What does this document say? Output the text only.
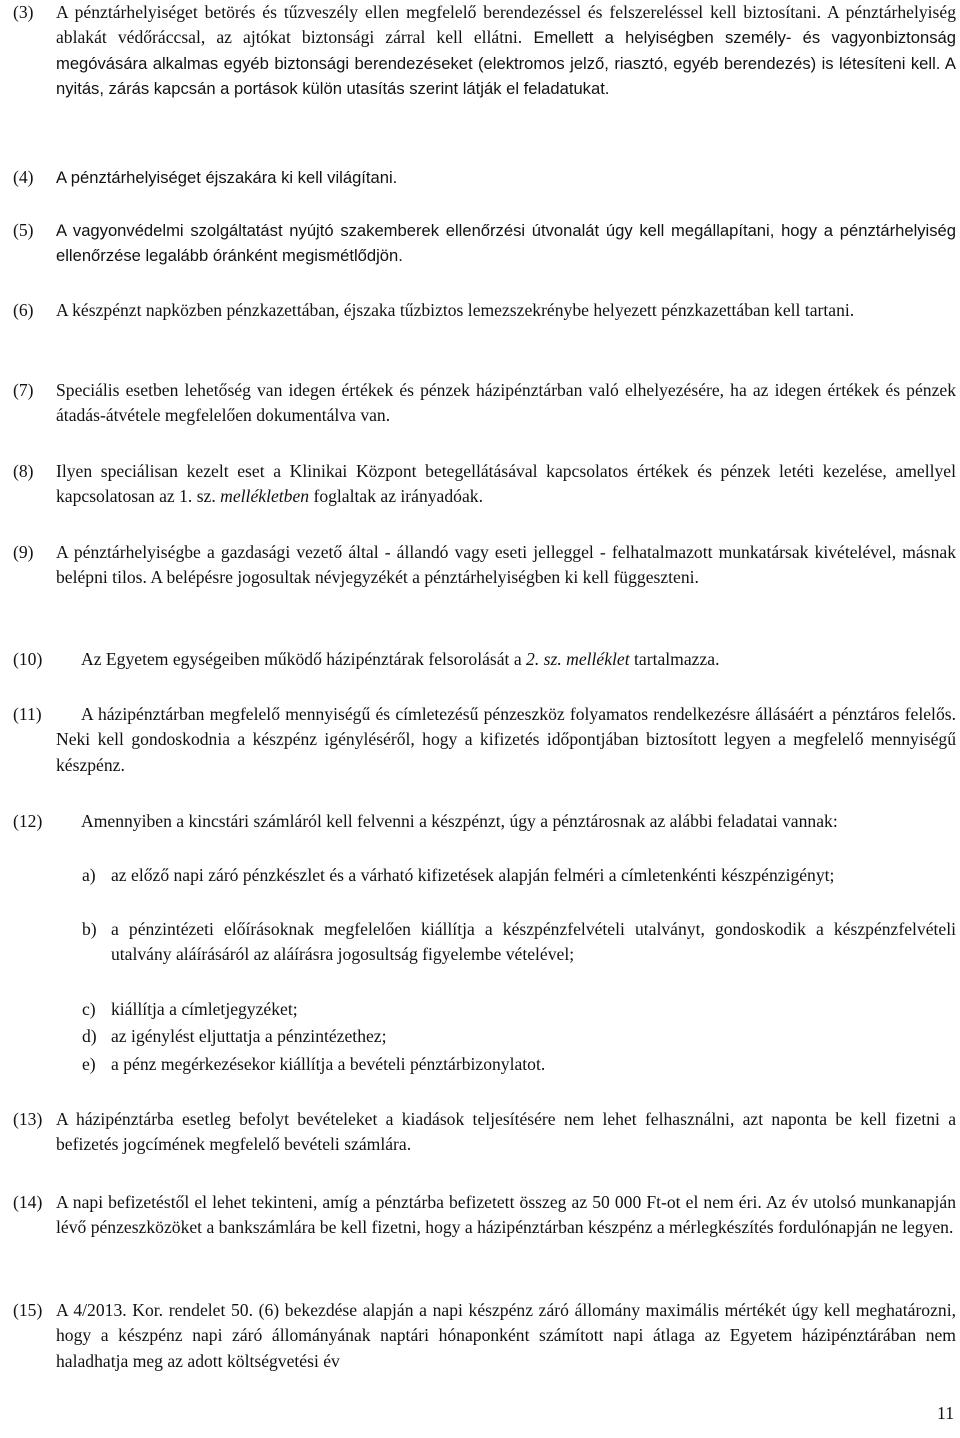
(3)	A pénztárhelyiséget betörés és tűzveszély ellen megfelelő berendezéssel és felszereléssel kell biztosítani. A pénztárhelyiség ablakát védőráccsal, az ajtókat biztonsági zárral kell ellátni. Emellett a helyiségben személy- és vagyonbiztonság megóvására alkalmas egyéb biztonsági berendezéseket (elektromos jelző, riasztó, egyéb berendezés) is létesíteni kell. A nyitás, zárás kapcsán a portások külön utasítás szerint látják el feladatukat.
(4)	A pénztárhelyiséget éjszakára ki kell világítani.
(5)	A vagyonvédelmi szolgáltatást nyújtó szakemberek ellenőrzési útvonalát úgy kell megállapítani, hogy a pénztárhelyiség ellenőrzése legalább óránként megismétlődjön.
(6)	A készpénzt napközben pénzkazettában, éjszaka tűzbiztos lemezszekrénybe helyezett pénzkazettában kell tartani.
(7)	Speciális esetben lehetőség van idegen értékek és pénzek házipénztárban való elhelyezésére, ha az idegen értékek és pénzek átadás-átvétele megfelelően dokumentálva van.
(8)	Ilyen speciálisan kezelt eset a Klinikai Központ betegellátásával kapcsolatos értékek és pénzek letéti kezelése, amellyel kapcsolatosan az 1. sz. mellékletben foglaltak az irányadóak.
(9)	A pénztárhelyiségbe a gazdasági vezető által - állandó vagy eseti jelleggel - felhatalmazott munkatársak kivételével, másnak belépni tilos. A belépésre jogosultak névjegyzékét a pénztárhelyiségben ki kell függeszteni.
(10)	Az Egyetem egységeiben működő házipénztárak felsorolását a 2. sz. melléklet tartalmazza.
(11)	A házipénztárban megfelelő mennyiségű és címletezésű pénzeszköz folyamatos rendelkezésre állásáért a pénztáros felelős. Neki kell gondoskodnia a készpénz igényléséről, hogy a kifizetés időpontjában biztosított legyen a megfelelő mennyiségű készpénz.
(12)	Amennyiben a kincstári számláról kell felvenni a készpénzt, úgy a pénztárosnak az alábbi feladatai vannak:
a) az előző napi záró pénzkészlet és a várható kifizetések alapján felméri a címletenkénti készpénzigényt;
b) a pénzintézeti előírásoknak megfelelően kiállítja a készpénzfelvételi utalványt, gondoskodik a készpénzfelvételi utalvány aláírásáról az aláírásra jogosultság figyelembe vételével;
c) kiállítja a címletjegyzéket;
d) az igénylést eljuttatja a pénzintézethez;
e) a pénz megérkezésekor kiállítja a bevételi pénztárbizonylatot.
(13) A házipénztárba esetleg befolyt bevételeket a kiadások teljesítésére nem lehet felhasználni, azt naponta be kell fizetni a befizetés jogcímének megfelelő bevételi számlára.
(14) A napi befizetéstől el lehet tekinteni, amíg a pénztárba befizetett összeg az 50 000 Ft-ot el nem éri. Az év utolsó munkanapján lévő pénzeszközöket a bankszámlára be kell fizetni, hogy a házipénztárban készpénz a mérlegkészítés fordulónapján ne legyen.
(15) A 4/2013. Kor. rendelet 50. (6) bekezdése alapján a napi készpénz záró állomány maximális mértékét úgy kell meghatározni, hogy a készpénz napi záró állományának naptári hónaponként számított napi átlaga az Egyetem házipénztárában nem haladhatja meg az adott költségvetési év
11
